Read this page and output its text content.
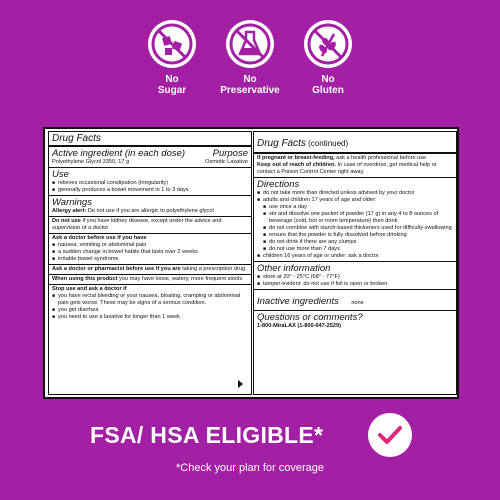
No
Sugar
No
Preservative
No
Gluten
Drug Facts
Active ingredient (in each dose)	Purpose
Polyethylene Glycol 3350, 17 g	Osmotic Laxative
Use
■ relieves occasional constipation (irregularity)
■ generally produces a bowel movement in 1 to 3 days
Warnings
Allergy alert: Do not use if you are allergic to polyethylene glycol
Do not use if you have kidney disease, except under the advice and supervision of a doctor
Ask a doctor before use if you have
■ nausea, vomiting or abdominal pain
■ a sudden change in bowel habits that lasts over 2 weeks
■ irritable bowel syndrome
Ask a doctor or pharmacist before use if you are taking a prescription drug
When using this product you may have loose, watery, more frequent stools
Stop use and ask a doctor if
■ you have rectal bleeding or your nausea, bloating, cramping or abdominal pain gets worse. These may be signs of a serious condition.
■ you get diarrhea
■ you need to use a laxative for longer than 1 week
Drug Facts (continued)
If pregnant or breast-feeding, ask a health professional before use
Keep out of reach of children. In case of overdose, get medical help or contact a Poison Control Center right away.
Directions
■ do not take more than directed unless advised by your doctor
■ adults and children 17 years of age and older:
■ use once a day
■ stir and dissolve one packet of powder (17 g) in any 4 to 8 ounces of beverage (cold, hot or room temperature) then drink
■ do not combine with starch-based thickeners used for difficulty swallowing
■ ensure that the powder is fully dissolved before drinking
■ do not drink if there are any clumps
■ do not use more than 7 days
■ children 16 years of age or under: ask a doctor
Other information
■ store at 20° - 25°C (68° - 77°F)
■ tamper-evident: do not use if foil is open or broken
Inactive ingredients none
Questions or comments?
1-800-MiraLAX (1-800-647-2529)
FSA/ HSA ELIGIBLE*
*Check your plan for coverage
